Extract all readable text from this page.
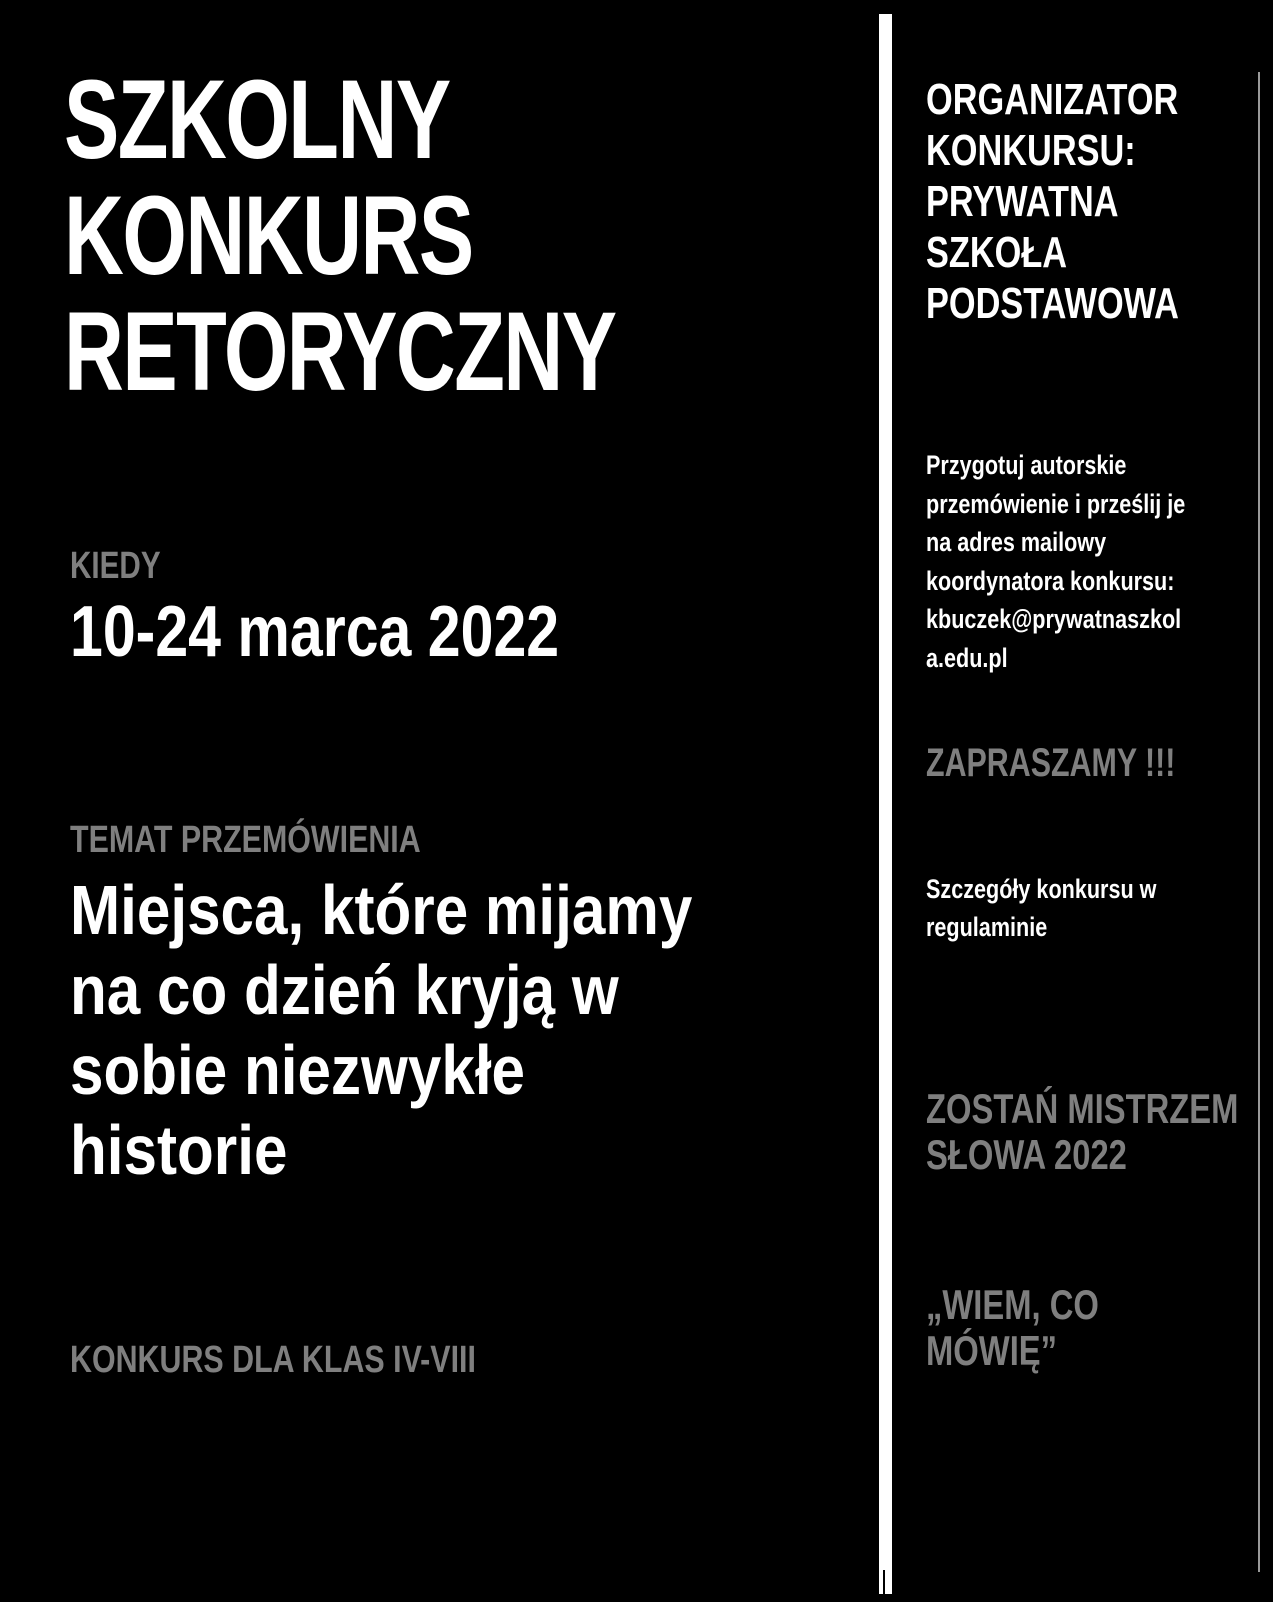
SZKOLNY
KONKURS
RETORYCZNY
KIEDY
10-24 marca 2022
TEMAT PRZEMÓWIENIA
Miejsca, które mijamy
na co dzień kryją w
sobie niezwykłe
historie
KONKURS DLA KLAS IV-VIII
ORGANIZATOR
KONKURSU:
PRYWATNA
SZKOŁA
PODSTAWOWA
Przygotuj autorskie
przemówienie i prześlij je
na adres mailowy
koordynatora konkursu:
kbuczek@prywatnaszkol
a.edu.pl
ZAPRASZAMY !!!
Szczegóły konkursu w
regulaminie
ZOSTAŃ MISTRZEM
SŁOWA 2022
„WIEM, CO
MÓWIĘ”
